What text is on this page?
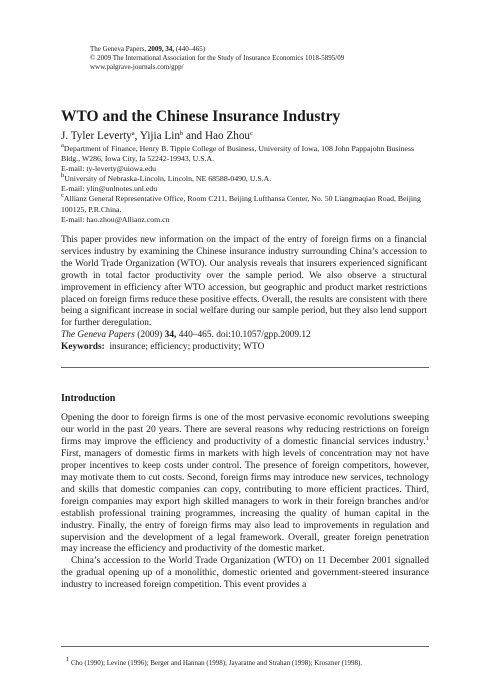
The Geneva Papers, 2009, 34, (440–465)
© 2009 The International Association for the Study of Insurance Economics 1018-5895/09
www.palgrave-journals.com/gpp/
WTO and the Chinese Insurance Industry
J. Tyler Leverty$^a$, Yijia Lin$^b$ and Hao Zhou$^c$

$^a$Department of Finance, Henry B. Tippie College of Business, University of Iowa, 108 John Pappajohn Business Bldg., W286, Iowa City, Ia 52242-19943, U.S.A.

E-mail: ty-leverty@uiowa.edu

$^b$University of Nebraska-Lincoln, Lincoln, NE 68588-0490, U.S.A.

E-mail: ylin@unlnotes.unl.edu

$^c$Allianz General Representative Office, Room C211, Beijing Lufthansa Center, No. 50 Liangmaqiao Road, Beijing 100125, P.R.China.

E-mail: hao.zhou@Allianz.com.cn

This paper provides new information on the impact of the entry of foreign firms on a financial services industry by examining the Chinese insurance industry surrounding China’s accession to the World Trade Organization (WTO). Our analysis reveals that insurers experienced significant growth in total factor productivity over the sample period. We also observe a structural improvement in efficiency after WTO accession, but geographic and product market restrictions placed on foreign firms reduce these positive effects. Overall, the results are consistent with there being a significant increase in social welfare during our sample period, but they also lend support for further deregulation.

The Geneva Papers (2009) 34, 440–465. doi:10.1057/gpp.2009.12

Keywords:  insurance; efficiency; productivity; WTO
Introduction

Opening the door to foreign firms is one of the most pervasive economic revolutions sweeping our world in the past 20 years. There are several reasons why reducing restrictions on foreign firms may improve the efficiency and productivity of a domestic financial services industry.$^1$ First, managers of domestic firms in markets with high levels of concentration may not have proper incentives to keep costs under control. The presence of foreign competitors, however, may motivate them to cut costs. Second, foreign firms may introduce new services, technology and skills that domestic companies can copy, contributing to more efficient practices. Third, foreign companies may export high skilled managers to work in their foreign branches and/or establish professional training programmes, increasing the quality of human capital in the industry. Finally, the entry of foreign firms may also lead to improvements in regulation and supervision and the development of a legal framework. Overall, greater foreign penetration may increase the efficiency and productivity of the domestic market.

China’s accession to the World Trade Organization (WTO) on 11 December 2001 signalled the gradual opening up of a monolithic, domestic oriented and government-steered insurance industry to increased foreign competition. This event provides a

$^1$ Cho (1990); Levine (1996); Berger and Hannan (1998); Jayaratne and Strahan (1998); Kroszner (1998).
